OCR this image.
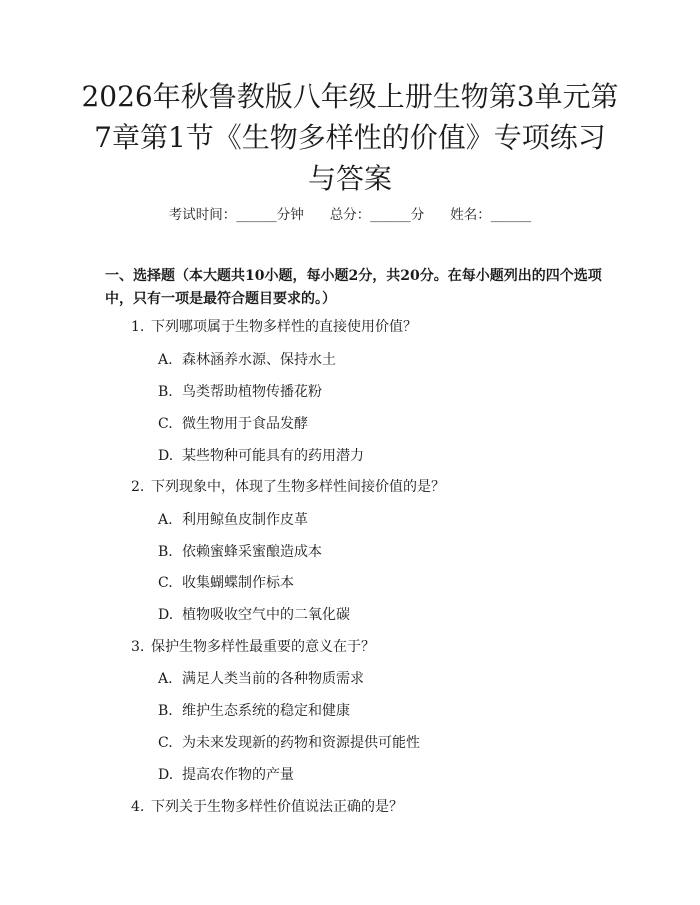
2026年秋鲁教版八年级上册生物第3单元第
7章第1节《生物多样性的价值》专项练习
与答案
考试时间：______分钟 总分：______分 姓名：______

一、选择题（本大题共10小题，每小题2分，共20分。在每小题列出的四个选项中，只有一项是最符合题目要求的。）

1. 下列哪项属于生物多样性的直接使用价值？
A. 森林涵养水源、保持水土
B. 鸟类帮助植物传播花粉
C. 微生物用于食品发酵
D. 某些物种可能具有的药用潜力
2. 下列现象中，体现了生物多样性间接价值的是？
A. 利用鲸鱼皮制作皮革
B. 依赖蜜蜂采蜜酿造成本
C. 收集蝴蝶制作标本
D. 植物吸收空气中的二氧化碳
3. 保护生物多样性最重要的意义在于？
A. 满足人类当前的各种物质需求
B. 维护生态系统的稳定和健康
C. 为未来发现新的药物和资源提供可能性
D. 提高农作物的产量
4. 下列关于生物多样性价值说法正确的是？
